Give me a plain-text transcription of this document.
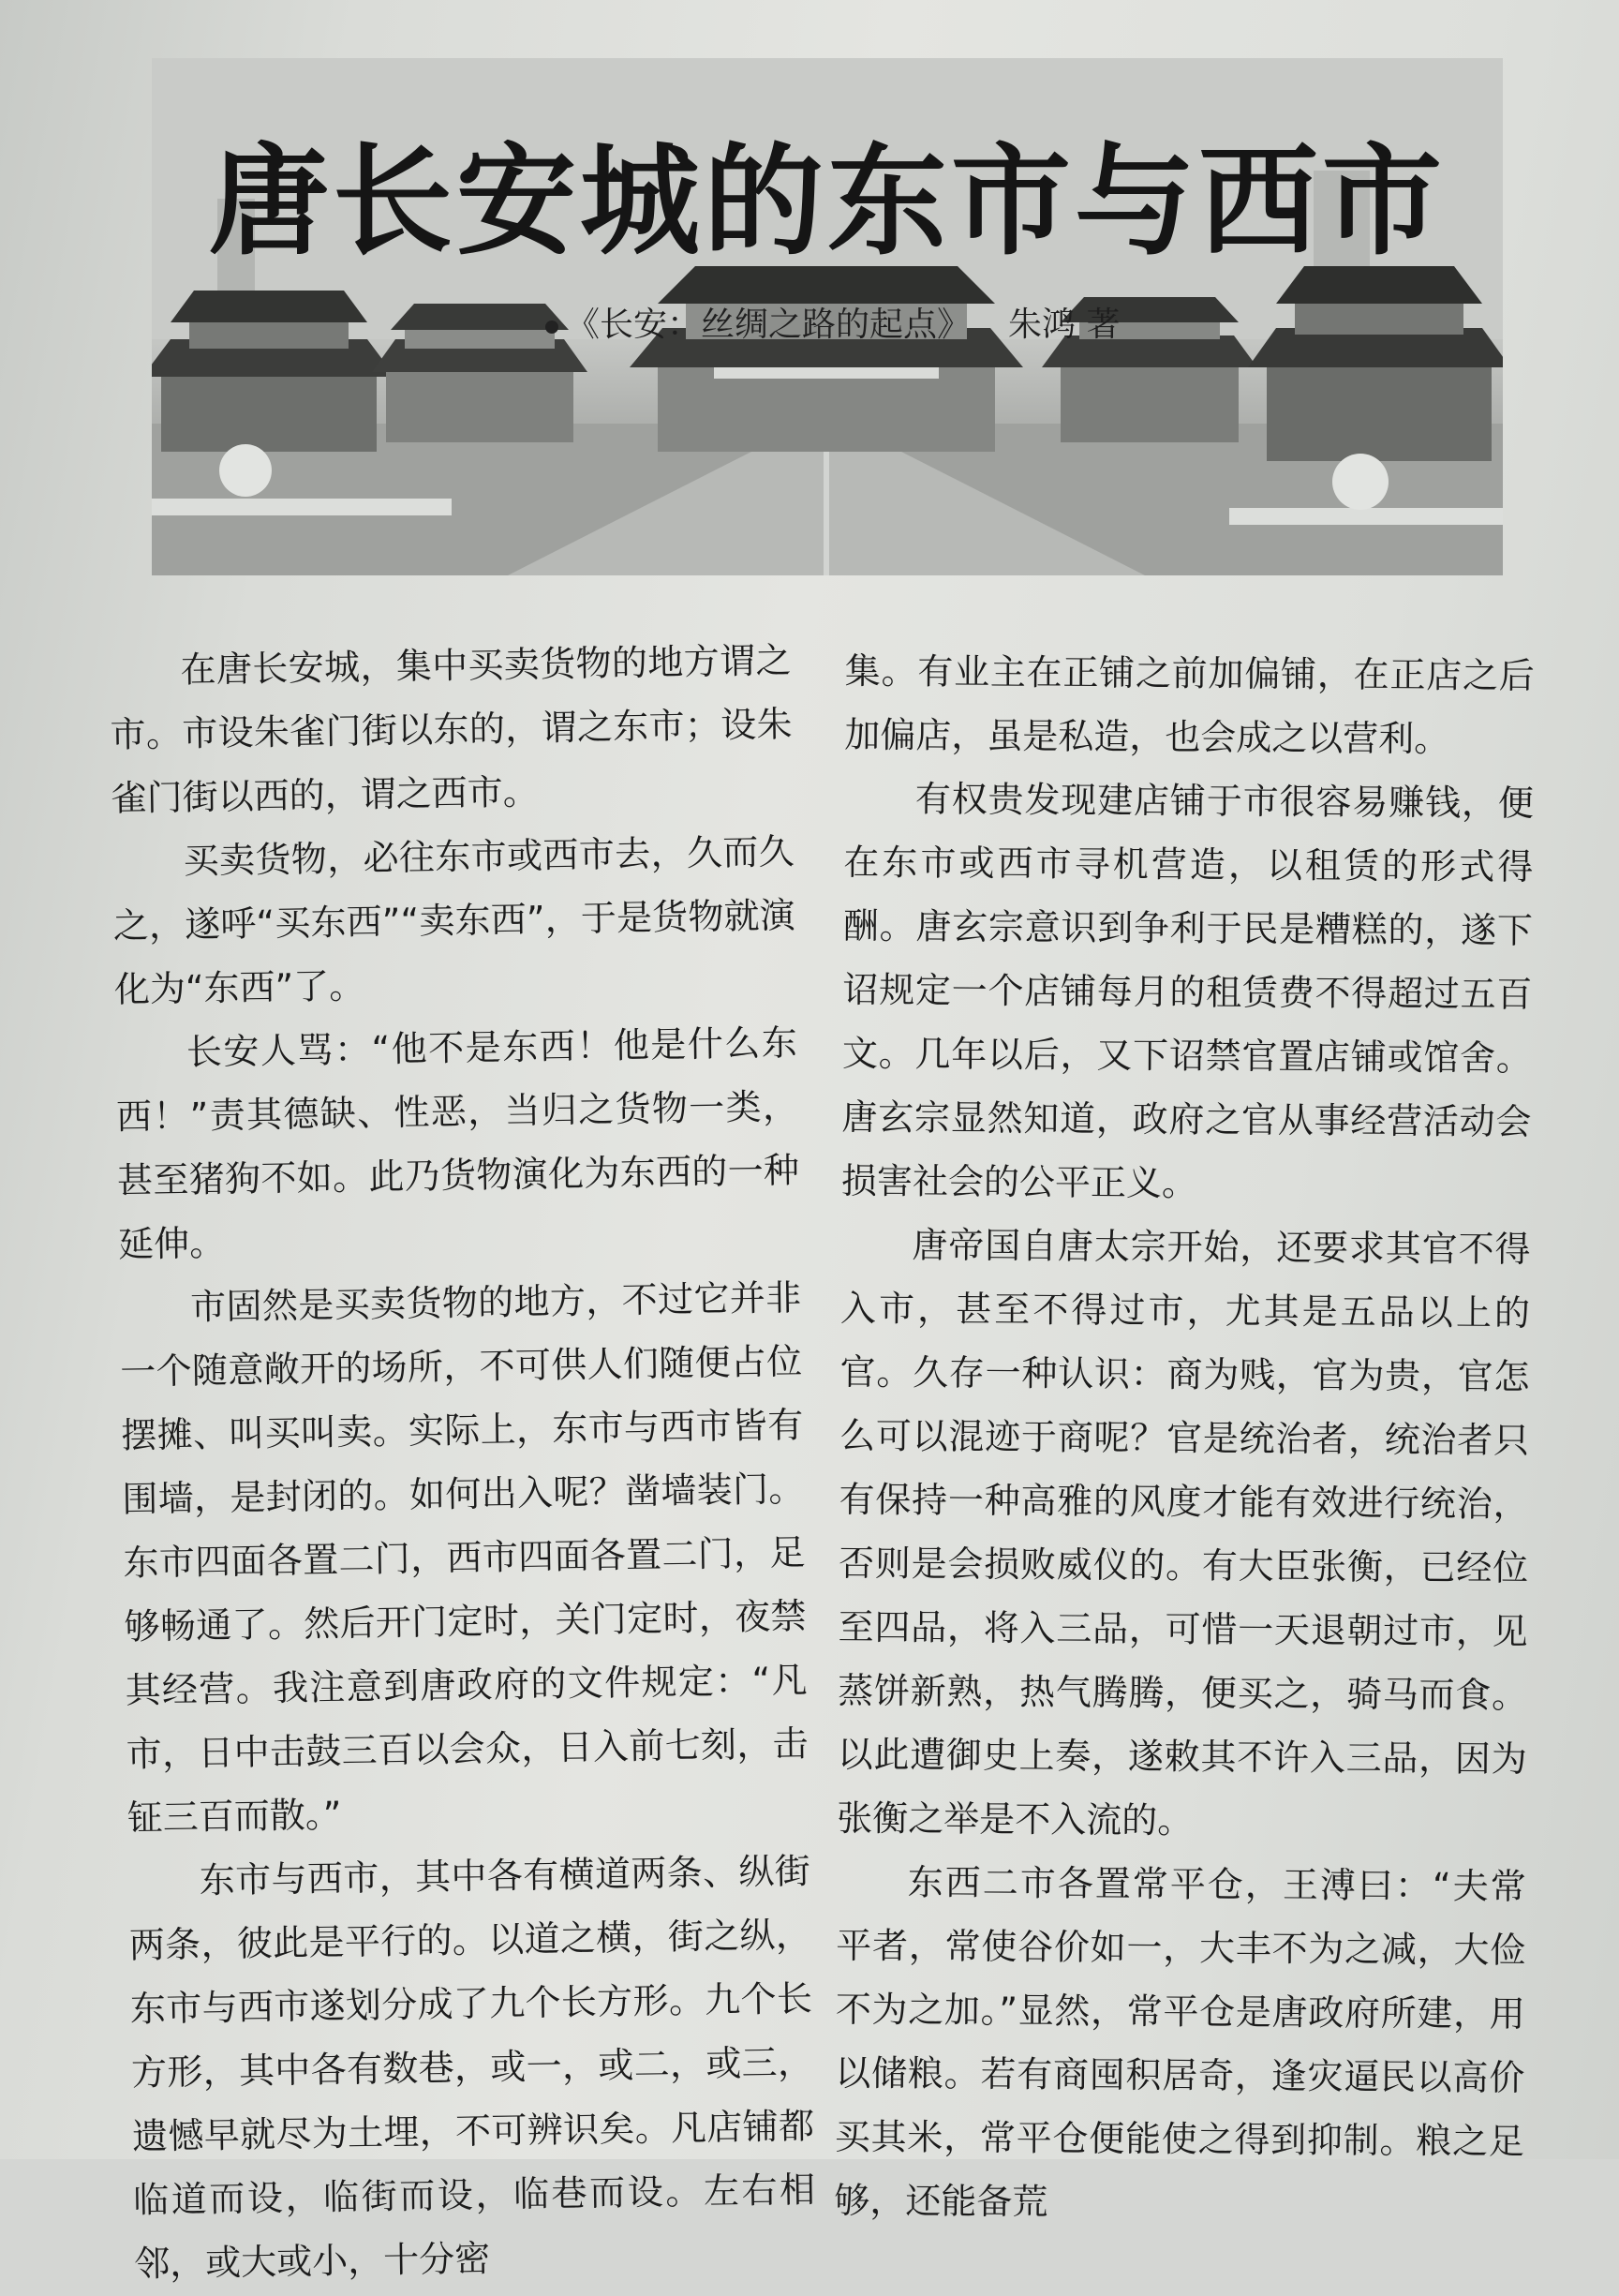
唐长安城的东市与西市
《长安：丝绸之路的起点》 朱鸿 著

在唐长安城，集中买卖货物的地方谓之市。市设朱雀门街以东的，谓之东市；设朱雀门街以西的，谓之西市。

买卖货物，必往东市或西市去，久而久之，遂呼“买东西”“卖东西”，于是货物就演化为“东西”了。

长安人骂：“他不是东西！他是什么东西！”责其德缺、性恶，当归之货物一类，甚至猪狗不如。此乃货物演化为东西的一种延伸。

市固然是买卖货物的地方，不过它并非一个随意敞开的场所，不可供人们随便占位摆摊、叫买叫卖。实际上，东市与西市皆有围墙，是封闭的。如何出入呢？凿墙装门。东市四面各置二门，西市四面各置二门，足够畅通了。然后开门定时，关门定时，夜禁其经营。我注意到唐政府的文件规定：“凡市，日中击鼓三百以会众，日入前七刻，击钲三百而散。”

东市与西市，其中各有横道两条、纵街两条，彼此是平行的。以道之横，街之纵，东市与西市遂划分成了九个长方形。九个长方形，其中各有数巷，或一，或二，或三，遗憾早就尽为土埋，不可辨识矣。凡店铺都临道而设，临街而设，临巷而设。左右相邻，或大或小，十分密

集。有业主在正铺之前加偏铺，在正店之后加偏店，虽是私造，也会成之以营利。

有权贵发现建店铺于市很容易赚钱，便在东市或西市寻机营造，以租赁的形式得酬。唐玄宗意识到争利于民是糟糕的，遂下诏规定一个店铺每月的租赁费不得超过五百文。几年以后，又下诏禁官置店铺或馆舍。唐玄宗显然知道，政府之官从事经营活动会损害社会的公平正义。

唐帝国自唐太宗开始，还要求其官不得入市，甚至不得过市，尤其是五品以上的官。久存一种认识：商为贱，官为贵，官怎么可以混迹于商呢？官是统治者，统治者只有保持一种高雅的风度才能有效进行统治，否则是会损败威仪的。有大臣张衡，已经位至四品，将入三品，可惜一天退朝过市，见蒸饼新熟，热气腾腾，便买之，骑马而食。以此遭御史上奏，遂敕其不许入三品，因为张衡之举是不入流的。

东西二市各置常平仓，王溥曰：“夫常平者，常使谷价如一，大丰不为之减，大俭不为之加。”显然，常平仓是唐政府所建，用以储粮。若有商囤积居奇，逢灾逼民以高价买其米，常平仓便能使之得到抑制。粮之足够，还能备荒
